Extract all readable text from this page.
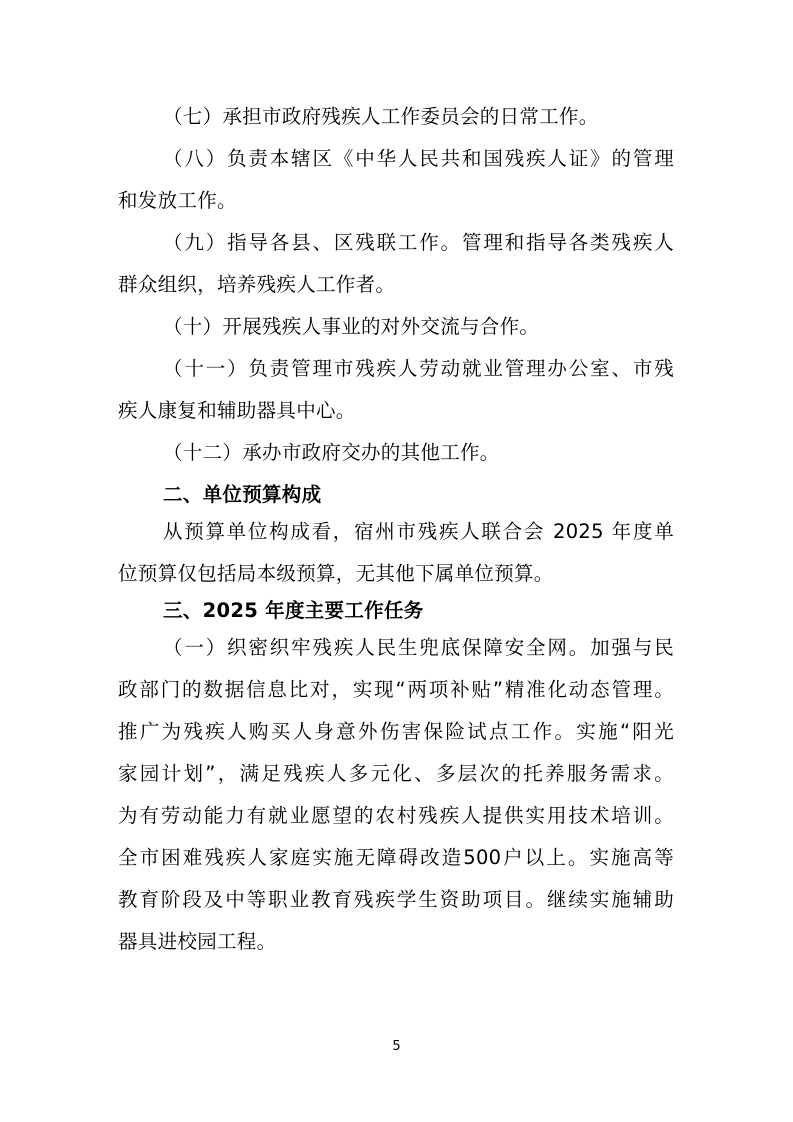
（七）承担市政府残疾人工作委员会的日常工作。
（八）负责本辖区《中华人民共和国残疾人证》的管理
和发放工作。
（九）指导各县、区残联工作。管理和指导各类残疾人
群众组织，培养残疾人工作者。
（十）开展残疾人事业的对外交流与合作。
（十一）负责管理市残疾人劳动就业管理办公室、市残
疾人康复和辅助器具中心。
（十二）承办市政府交办的其他工作。
二、单位预算构成
从预算单位构成看，宿州市残疾人联合会 2025 年度单
位预算仅包括局本级预算，无其他下属单位预算。
三、2025 年度主要工作任务
（一）织密织牢残疾人民生兜底保障安全网。加强与民
政部门的数据信息比对，实现“两项补贴”精准化动态管理。
推广为残疾人购买人身意外伤害保险试点工作。实施“阳光
家园计划”，满足残疾人多元化、多层次的托养服务需求。
为有劳动能力有就业愿望的农村残疾人提供实用技术培训。
全市困难残疾人家庭实施无障碍改造500户以上。实施高等
教育阶段及中等职业教育残疾学生资助项目。继续实施辅助
器具进校园工程。
5
